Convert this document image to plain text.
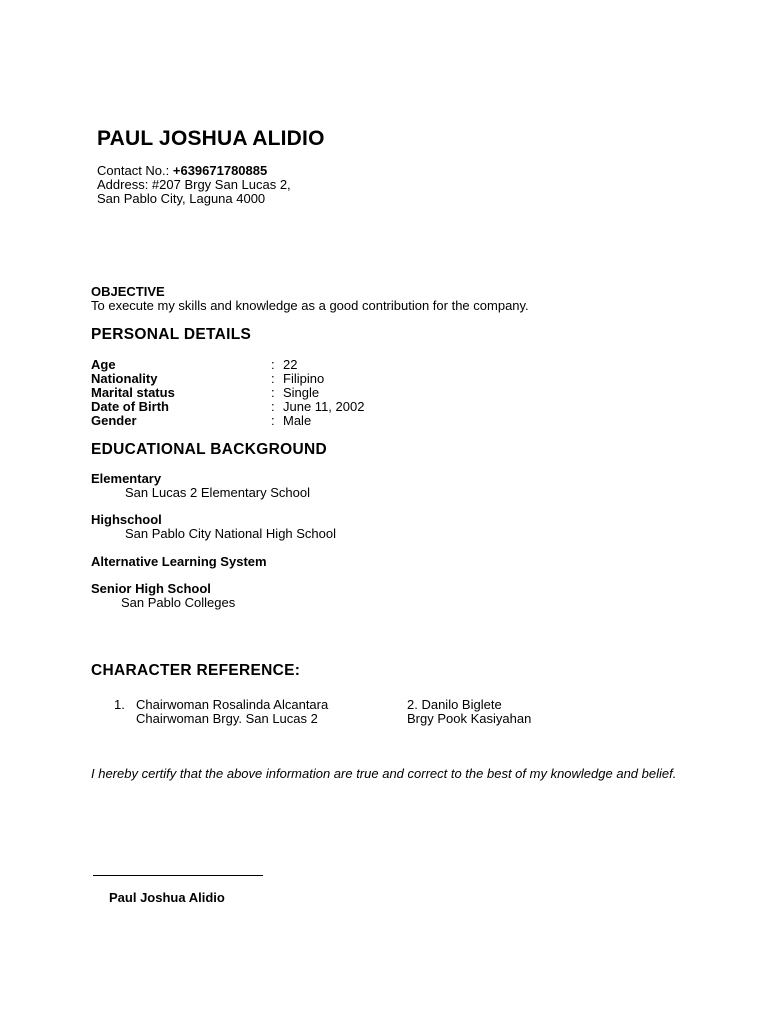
PAUL JOSHUA ALIDIO
Contact No.: +639671780885
Address: #207 Brgy San Lucas 2,
San Pablo City, Laguna 4000
OBJECTIVE
To execute my skills and knowledge as a good contribution for the company.
PERSONAL DETAILS
Age	: 22
Nationality	: Filipino
Marital status	: Single
Date of Birth	: June 11, 2002
Gender	: Male
EDUCATIONAL BACKGROUND
Elementary
San Lucas 2 Elementary School
Highschool
San Pablo City National High School
Alternative Learning System
Senior High School
San Pablo Colleges
CHARACTER REFERENCE:
1. Chairwoman Rosalinda Alcantara
Chairwoman Brgy. San Lucas 2
2. Danilo Biglete
Brgy Pook Kasiyahan
I hereby certify that the above information are true and correct to the best of my knowledge and belief.
Paul Joshua Alidio
